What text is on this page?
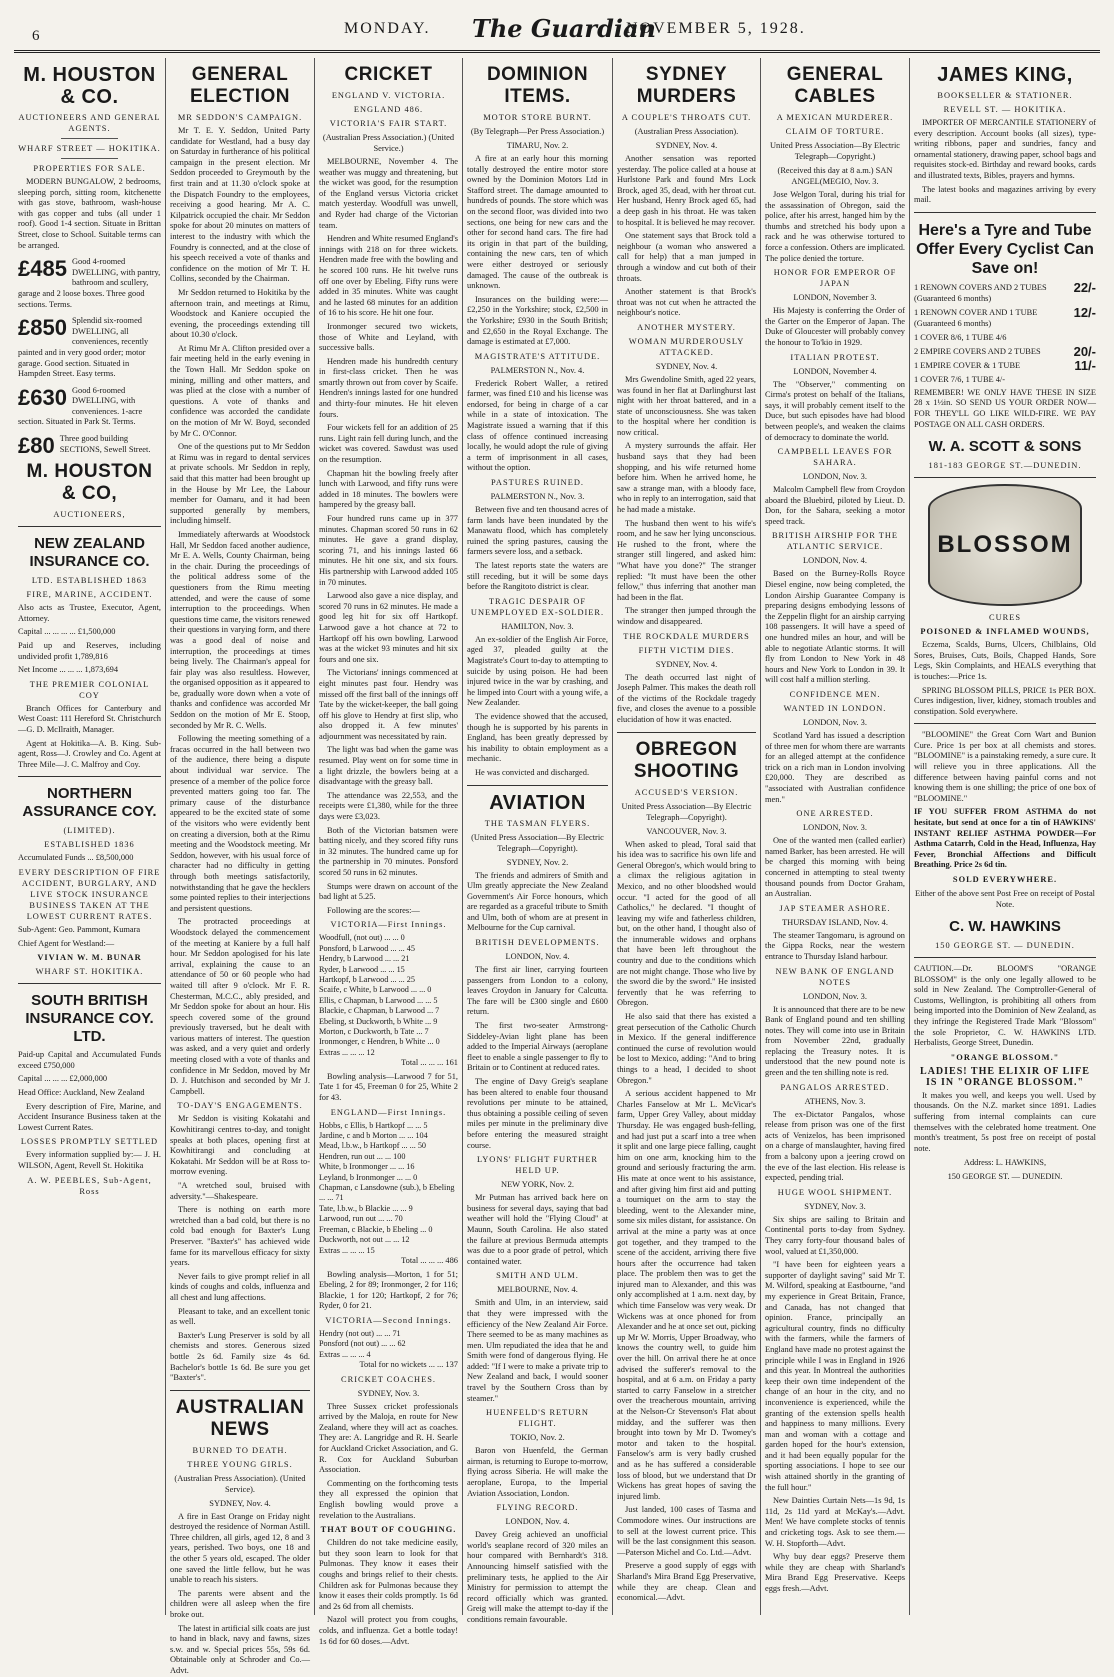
6	MONDAY. The Guardian
NOVEMBER 5, 1928.
M. HOUSTON & CO.
AUCTIONEERS AND GENERAL AGENTS.
WHARF STREET — HOKITIKA.
PROPERTIES FOR SALE.

MODERN BUNGALOW, 2 bedrooms, sleeping porch, sitting room, kitchenette with gas stove, bathroom, wash-house with gas copper and tubs (all under 1 roof). Good 1-4 section. Situate in Brittan Street, close to School. Suitable terms can be arranged.

£485 Good 4-roomed DWELLING, with pantry, bathroom and scullery, garage and 2 loose boxes. Three good sections. Terms.
£850 Splendid six-roomed DWELLING, all conveniences, recently painted and in very good order; motor garage. Good section. Situated in Hampden Street. Easy terms.
£630 Good 6-roomed DWELLING, with conveniences. 1-acre section. Situated in Park St. Terms.
£80 Three good building SECTIONS, Sewell Street.
M. HOUSTON & CO,
AUCTIONEERS,
NEW ZEALAND INSURANCE CO.
LTD. ESTABLISHED 1863
FIRE, MARINE, ACCIDENT.

Also acts as Trustee, Executor, Agent, Attorney.

Capital ... ... ... ... £1,500,000

Paid up and Reserves, including undivided profit 1,789,816

Net Income ... ... ... 1,873,694

THE PREMIER COLONIAL COY

Branch Offices for Canterbury and West Coast: 111 Hereford St. Christchurch—G. D. McIlraith, Manager.

Agent at Hokitika—A. B. King. Sub-agent, Ross—J. Crowley and Co. Agent at Three Mile—J. C. Malfroy and Coy.

NORTHERN ASSURANCE COY.
(LIMITED).
ESTABLISHED 1836

Accumulated Funds ... £8,500,000

EVERY DESCRIPTION OF FIRE ACCIDENT, BURGLARY, AND LIVE STOCK INSURANCE BUSINESS TAKEN AT THE LOWEST CURRENT RATES.

Sub-Agent: Geo. Pammont, Kumara

Chief Agent for Westland:—

VIVIAN W. M. BUNAR
WHARF ST. HOKITIKA.
SOUTH BRITISH INSURANCE COY. LTD.

Paid-up Capital and Accumulated Funds exceed £750,000

Capital ... ... ... £2,000,000

Head Office: Auckland, New Zealand

Every description of Fire, Marine, and Accident Insurance Business taken at the Lowest Current Rates.

LOSSES PROMPTLY SETTLED

Every information supplied by:— J. H. WILSON, Agent, Revell St. Hokitika

A. W. PEEBLES, Sub-Agent, Ross
GENERAL ELECTION
MR SEDDON'S CAMPAIGN.

Mr T. E. Y. Seddon, United Party candidate for Westland, had a busy day on Saturday in furtherance of his political campaign in the present election. Mr Seddon proceeded to Greymouth by the first train and at 11.30 o'clock spoke at the Dispatch Foundry to the employees, receiving a good hearing. Mr A. C. Kilpatrick occupied the chair. Mr Seddon spoke for about 20 minutes on matters of interest to the industry with which the Foundry is connected, and at the close of his speech received a vote of thanks and confidence on the motion of Mr T. H. Collins, seconded by the Chairman.

Mr Seddon returned to Hokitika by the afternoon train, and meetings at Rimu, Woodstock and Kaniere occupied the evening, the proceedings extending till about 10.30 o'clock.

At Rimu Mr A. Clifton presided over a fair meeting held in the early evening in the Town Hall. Mr Seddon spoke on mining, milling and other matters, and was plied at the close with a number of questions. A vote of thanks and confidence was accorded the candidate on the motion of Mr W. Boyd, seconded by Mr C. O'Connor.

One of the questions put to Mr Seddon at Rimu was in regard to dental services at private schools. Mr Seddon in reply, said that this matter had been brought up in the House by Mr Lee, the Labour member for Oamaru, and it had been supported generally by members, including himself.

Immediately afterwards at Woodstock Hall, Mr Seddon faced another audience, Mr E. A. Wells, County Chairman, being in the chair. During the proceedings of the political address some of the questioners from the Rimu meeting attended, and were the cause of some interruption to the proceedings. When questions time came, the visitors renewed their questions in varying form, and there was a good deal of noise and interruption, the proceedings at times being lively. The Chairman's appeal for fair play was also resultless. However, the organised opposition as it appeared to be, gradually wore down when a vote of thanks and confidence was accorded Mr Seddon on the motion of Mr E. Stoop, seconded by Mr R. C. Wells.

Following the meeting something of a fracas occurred in the hall between two of the audience, there being a dispute about individual war service. The presence of a member of the police force prevented matters going too far. The primary cause of the disturbance appeared to be the excited state of some of the visitors who were evidently bent on creating a diversion, both at the Rimu meeting and the Woodstock meeting. Mr Seddon, however, with his usual force of character had no difficulty in getting through both meetings satisfactorily, notwithstanding that he gave the hecklers some pointed replies to their interjections and persistent questions.

The protracted proceedings at Woodstock delayed the commencement of the meeting at Kaniere by a full half hour. Mr Seddon apologised for his late arrival, explaining the cause to an attendance of 50 or 60 people who had waited till after 9 o'clock. Mr F. R. Chesterman, M.C.C., ably presided, and Mr Seddon spoke for about an hour. His speech covered some of the ground previously traversed, but he dealt with various matters of interest. The question was asked, and a very quiet and orderly meeting closed with a vote of thanks and confidence in Mr Seddon, moved by Mr D. J. Hutchison and seconded by Mr J. Campbell.

TO-DAY'S ENGAGEMENTS.

Mr Seddon is visiting Kokatahi and Kowhitirangi centres to-day, and tonight speaks at both places, opening first at Kowhitirangi and concluding at Kokatahi. Mr Seddon will be at Ross to-morrow evening.

"A wretched soul, bruised with adversity."—Shakespeare.

There is nothing on earth more wretched than a bad cold, but there is no cold bad enough for Baxter's Lung Preserver. "Baxter's" has achieved wide fame for its marvellous efficacy for sixty years.

Never fails to give prompt relief in all kinds of coughs and colds, influenza and all chest and lung affections.

Pleasant to take, and an excellent tonic as well.

Baxter's Lung Preserver is sold by all chemists and stores. Generous sized bottle 2s 6d. Family size 4s 6d. Bachelor's bottle 1s 6d. Be sure you get "Baxter's".

AUSTRALIAN NEWS
BURNED TO DEATH.
THREE YOUNG GIRLS.
(Australian Press Association). (United Service).
SYDNEY, Nov. 4.

A fire in East Orange on Friday night destroyed the residence of Norman Astill. Three children, all girls, aged 12, 8 and 3 years, perished. Two boys, one 18 and the other 5 years old, escaped. The older one saved the little fellow, but he was unable to reach his sisters.

The parents were absent and the children were all asleep when the fire broke out.

The latest in artificial silk coats are just to hand in black, navy and fawns, sizes s.w. and w. Special prices 55s, 59s 6d. Obtainable only at Schroder and Co.—Advt.

CRICKET
ENGLAND V. VICTORIA.
ENGLAND 486.
VICTORIA'S FAIR START.
(Australian Press Association.) (United Service.)

MELBOURNE, November 4. The weather was muggy and threatening, but the wicket was good, for the resumption of the England versus Victoria cricket match yesterday. Woodfull was unwell, and Ryder had charge of the Victorian team.

Hendren and White resumed England's innings with 218 on for three wickets. Hendren made free with the bowling and he scored 100 runs. He hit twelve runs off one over by Ebeling. Fifty runs were added in 35 minutes. White was caught and he lasted 68 minutes for an addition of 16 to his score. He hit one four.

Ironmonger secured two wickets, those of White and Leyland, with successive balls.

Hendren made his hundredth century in first-class cricket. Then he was smartly thrown out from cover by Scaife. Hendren's innings lasted for one hundred and thirty-four minutes. He hit eleven fours.

Four wickets fell for an addition of 25 runs. Light rain fell during lunch, and the wicket was covered. Sawdust was used on the resumption.

Chapman hit the bowling freely after lunch with Larwood, and fifty runs were added in 18 minutes. The bowlers were hampered by the greasy ball.

Four hundred runs came up in 377 minutes. Chapman scored 50 runs in 62 minutes. He gave a grand display, scoring 71, and his innings lasted 66 minutes. He hit one six, and six fours. His partnership with Larwood added 105 in 70 minutes.

Larwood also gave a nice display, and scored 70 runs in 62 minutes. He made a good leg hit for six off Hartkopf. Larwood gave a hot chance at 72 to Hartkopf off his own bowling. Larwood was at the wicket 93 minutes and hit six fours and one six.

The Victorians' innings commenced at eight minutes past four. Hendry was missed off the first ball of the innings off Tate by the wicket-keeper, the ball going off his glove to Hendry at first slip, who also dropped it. A few minutes' adjournment was necessitated by rain.

The light was bad when the game was resumed. Play went on for some time in a light drizzle, the bowlers being at a disadvantage with the greasy ball.

The attendance was 22,553, and the receipts were £1,380, while for the three days were £3,023.

Both of the Victorian batsmen were batting nicely, and they scored fifty runs in 32 minutes. The hundred came up for the partnership in 70 minutes. Ponsford scored 50 runs in 62 minutes.

Stumps were drawn on account of the bad light at 5.25.

Following are the scores:—

VICTORIA—First Innings.
Woodfull, (not out) ... ... 0
Ponsford, b Larwood ... ... 45
Hendry, b Larwood ... ... 21
Ryder, b Larwood ... ... 15
Hartkopf, b Larwood ... ... 25
Scaife, c White, b Larwood ... ... 0
Ellis, c Chapman, b Larwood ... ... 5
Blackie, c Chapman, b Larwood ... 7
Ebeling, st Duckworth, b White ... 9
Morton, c Duckworth, b Tate ... 7
Ironmonger, c Hendren, b White ... 0
Extras ... ... ... 12

Total ... ... ... 161

Bowling analysis—Larwood 7 for 51, Tate 1 for 45, Freeman 0 for 25, White 2 for 43.

ENGLAND—First Innings.
Hobbs, c Ellis, b Hartkopf ... ... 5
Jardine, c and b Morton ... ... 104
Mead, l.b.w., b Hartkopf ... ... 50
Hendren, run out ... ... 100
White, b Ironmonger ... ... 16
Leyland, b Ironmonger ... ... 0
Chapman, c Lansdowne (sub.), b Ebeling ... ... 71
Tate, l.b.w., b Blackie ... ... 9
Larwood, run out ... ... 70
Freeman, c Blackie, b Ebeling ... 0
Duckworth, not out ... ... 12
Extras ... ... ... 15

Total ... ... ... 486

Bowling analysis—Morton, 1 for 51; Ebeling, 2 for 89; Ironmonger, 2 for 116; Blackie, 1 for 120; Hartkopf, 2 for 76; Ryder, 0 for 21.

VICTORIA—Second Innings.
Hendry (not out) ... ... 71
Ponsford (not out) ... ... 62
Extras ... ... ... 4

Total for no wickets ... ... 137

CRICKET COACHES.
SYDNEY, Nov. 3.

Three Sussex cricket professionals arrived by the Maloja, en route for New Zealand, where they will act as coaches. They are: A. Langridge and R. H. Searle for Auckland Cricket Association, and G. R. Cox for Auckland Suburban Association.

Commenting on the forthcoming tests they all expressed the opinion that English bowling would prove a revelation to the Australians.

THAT BOUT OF COUGHING.

Children do not take medicine easily, but they soon learn to look for that Pulmonas. They know it eases their coughs and brings relief to their chests. Children ask for Pulmonas because they know it eases their colds promptly. 1s 6d and 2s 6d from all chemists.

Nazol will protect you from coughs, colds, and influenza. Get a bottle today! 1s 6d for 60 doses.—Advt.

DOMINION ITEMS.
MOTOR STORE BURNT.
(By Telegraph—Per Press Association.)
TIMARU, Nov. 2.

A fire at an early hour this morning totally destroyed the entire motor store owned by the Dominion Motors Ltd in Stafford street. The damage amounted to hundreds of pounds. The store which was on the second floor, was divided into two sections, one being for new cars and the other for second hand cars. The fire had its origin in that part of the building, containing the new cars, ten of which were either destroyed or seriously damaged. The cause of the outbreak is unknown.

Insurances on the building were:—£2,250 in the Yorkshire; stock, £2,500 in the Yorkshire; £930 in the South British; and £2,650 in the Royal Exchange. The damage is estimated at £7,000.

MAGISTRATE'S ATTITUDE.
PALMERSTON N., Nov. 4.

Frederick Robert Waller, a retired farmer, was fined £10 and his license was endorsed, for being in charge of a car while in a state of intoxication. The Magistrate issued a warning that if this class of offence continued increasing locally, he would adopt the rule of giving a term of imprisonment in all cases, without the option.

PASTURES RUINED.
PALMERSTON N., Nov. 3.

Between five and ten thousand acres of farm lands have been inundated by the Manawatu flood, which has completely ruined the spring pastures, causing the farmers severe loss, and a setback.

The latest reports state the waters are still receding, but it will be some days before the Rangitoto district is clear.

TRAGIC DESPAIR OF UNEMPLOYED EX-SOLDIER.
HAMILTON, Nov. 3.

An ex-soldier of the English Air Force, aged 37, pleaded guilty at the Magistrate's Court to-day to attempting to suicide by using poison. He had been injured twice in the war by crashing, and he limped into Court with a young wife, a New Zealander.

The evidence showed that the accused, though he is supported by his parents in England, has been greatly depressed by his inability to obtain employment as a mechanic.

He was convicted and discharged.

AVIATION
THE TASMAN FLYERS.
(United Press Association—By Electric Telegraph—Copyright).
SYDNEY, Nov. 2.

The friends and admirers of Smith and Ulm greatly appreciate the New Zealand Government's Air Force honours, which are regarded as a graceful tribute to Smith and Ulm, both of whom are at present in Melbourne for the Cup carnival.

BRITISH DEVELOPMENTS.
LONDON, Nov. 4.

The first air liner, carrying fourteen passengers from London to a colony, leaves Croydon in January for Calcutta. The fare will be £300 single and £600 return.

The first two-seater Armstrong-Siddeley-Avian light plane has been added to the Imperial Airways (aeroplane fleet to enable a single passenger to fly to Britain or to Continent at reduced rates.

The engine of Davy Greig's seaplane has been altered to enable four thousand revolutions per minute to be attained, thus obtaining a possible ceiling of seven miles per minute in the preliminary dive before entering the measured straight course.

LYONS' FLIGHT FURTHER HELD UP.
NEW YORK, Nov. 2.

Mr Putman has arrived back here on business for several days, saying that bad weather will hold the "Flying Cloud" at Maunn, South Carolina. He also stated the failure at previous Bermuda attempts was due to a poor grade of petrol, which contained water.

SMITH AND ULM.
MELBOURNE, Nov. 4.

Smith and Ulm, in an interview, said that they were impressed with the efficiency of the New Zealand Air Force. There seemed to be as many machines as men. Ulm repudiated the idea that he and Smith were fond of dangerous flying. He added: "If I were to make a private trip to New Zealand and back, I would sooner travel by the Southern Cross than by steamer."

HUENFELD'S RETURN FLIGHT.
TOKIO, Nov. 2.

Baron von Huenfeld, the German airman, is returning to Europe to-morrow, flying across Siberia. He will make the aeroplane, Europa, to the Imperial Aviation Association, London.

FLYING RECORD.
LONDON, Nov. 4.

Davey Greig achieved an unofficial world's seaplane record of 320 miles an hour compared with Bernhardt's 318. Announcing himself satisfied with the preliminary tests, he applied to the Air Ministry for permission to attempt the record officially which was granted. Greig will make the attempt to-day if the conditions remain favourable.

SYDNEY MURDERS
A COUPLE'S THROATS CUT.
(Australian Press Association).
SYDNEY, Nov. 4.

Another sensation was reported yesterday. The police called at a house at Hurlstone Park and found Mrs Lock Brock, aged 35, dead, with her throat cut. Her husband, Henry Brock aged 65, had a deep gash in his throat. He was taken to hospital. It is believed he may recover.

One statement says that Brock told a neighbour (a woman who answered a call for help) that a man jumped in through a window and cut both of their throats.

Another statement is that Brock's throat was not cut when he attracted the neighbour's notice.

ANOTHER MYSTERY.
WOMAN MURDEROUSLY ATTACKED.
SYDNEY, Nov. 4.

Mrs Gwendoline Smith, aged 22 years, was found in her flat at Darlinghurst last night with her throat battered, and in a state of unconsciousness. She was taken to the hospital where her condition is now critical.

A mystery surrounds the affair. Her husband says that they had been shopping, and his wife returned home before him. When he arrived home, he saw a strange man, with a bloody face, who in reply to an interrogation, said that he had made a mistake.

The husband then went to his wife's room, and he saw her lying unconscious. He rushed to the front, where the stranger still lingered, and asked him: "What have you done?" The stranger replied: "It must have been the other fellow," thus inferring that another man had been in the flat.

The stranger then jumped through the window and disappeared.

THE ROCKDALE MURDERS
FIFTH VICTIM DIES.
SYDNEY, Nov. 4.

The death occurred last night of Joseph Palmer. This makes the death roll of the victims of the Rockdale tragedy five, and closes the avenue to a possible elucidation of how it was enacted.

OBREGON SHOOTING
ACCUSED'S VERSION.
United Press Association—By Electric Telegraph—Copyright).
VANCOUVER, Nov. 3.

When asked to plead, Toral said that his idea was to sacrifice his own life and General Obregon's, which would bring to a climax the religious agitation in Mexico, and no other bloodshed would occur. "I acted for the good of all Catholics," he declared. "I thought of leaving my wife and fatherless children, but, on the other hand, I thought also of the innumerable widows and orphans that have been left throughout the country and due to the conditions which are not might change. Those who live by the sword die by the sword." He insisted fervently that he was referring to Obregon.

He also said that there has existed a great persecution of the Catholic Church in Mexico. If the general indifference continued the curse of revolution would be lost to Mexico, adding: "And to bring things to a head, I decided to shoot Obregon."

A serious accident happened to Mr Charles Fanselow at Mr L. McVicar's farm, Upper Grey Valley, about midday Thursday. He was engaged bush-felling, and had just put a scarf into a tree when it split and one large piece falling, caught him on one arm, knocking him to the ground and seriously fracturing the arm. His mate at once went to his assistance, and after giving him first aid and putting a tourniquet on the arm to stay the bleeding, went to the Alexander mine, some six miles distant, for assistance. On arrival at the mine a party was at once got together, and they tramped to the scene of the accident, arriving there five hours after the occurrence had taken place. The problem then was to get the injured man to Alexander, and this was only accomplished at 1 a.m. next day, by which time Fanselow was very weak. Dr Wickens was at once phoned for from Alexander and he at once set out, picking up Mr W. Morris, Upper Broadway, who knows the country well, to guide him over the hill. On arrival there he at once advised the sufferer's removal to the hospital, and at 6 a.m. on Friday a party started to carry Fanselow in a stretcher over the treacherous mountain, arriving at the Nelson-Cr Stevenson's Flat about midday, and the sufferer was then brought into town by Mr D. Twomey's motor and taken to the hospital. Fanselow's arm is very badly crushed and as he has suffered a considerable loss of blood, but we understand that Dr Wickens has great hopes of saving the injured limb.

Just landed, 100 cases of Tasma and Commodore wines. Our instructions are to sell at the lowest current price. This will be the last consignment this season.—Paterson Michel and Co. Ltd.—Advt.

Preserve a good supply of eggs with Sharland's Mira Brand Egg Preservative, while they are cheap. Clean and economical.—Advt.

GENERAL CABLES
A MEXICAN MURDERER.
CLAIM OF TORTURE.
United Press Association—By Electric Telegraph—Copyright.)
(Received this day at 8 a.m.) SAN ANGEL(MEGIO, Nov. 3.

Jose Welgon Toral, during his trial for the assassination of Obregon, said the police, after his arrest, hanged him by the thumbs and stretched his body upon a rack and he was otherwise tortured to force a confession. Others are implicated. The police denied the torture.

HONOR FOR EMPEROR OF JAPAN
LONDON, November 3.

His Majesty is conferring the Order of the Garter on the Emperor of Japan. The Duke of Gloucester will probably convey the honour to To'kio in 1929.

ITALIAN PROTEST.
LONDON, November 4.

The "Observer," commenting on Cirma's protest on behalf of the Italians, says, it will probably cement itself to the Duce, but such episodes have had blood between people's, and weaken the claims of democracy to dominate the world.

CAMPBELL LEAVES FOR SAHARA.
LONDON, Nov. 3.

Malcolm Campbell flew from Croydon aboard the Bluebird, piloted by Lieut. D. Don, for the Sahara, seeking a motor speed track.

BRITISH AIRSHIP FOR THE ATLANTIC SERVICE.
LONDON, Nov. 4.

Based on the Burney-Rolls Royce Diesel engine, now being completed, the London Airship Guarantee Company is preparing designs embodying lessons of the Zeppelin flight for an airship carrying 108 passengers. It will have a speed of one hundred miles an hour, and will be able to negotiate Atlantic storms. It will fly from London to New York in 48 hours and New York to London in 39. It will cost half a million sterling.

CONFIDENCE MEN.
WANTED IN LONDON.
LONDON, Nov. 3.

Scotland Yard has issued a description of three men for whom there are warrants for an alleged attempt at the confidence trick on a rich man in London involving £20,000. They are described as "associated with Australian confidence men."

ONE ARRESTED.
LONDON, Nov. 3.

One of the wanted men (called earlier) named Barker, has been arrested. He will be charged this morning with being concerned in attempting to steal twenty thousand pounds from Doctor Graham, an Australian.

JAP STEAMER ASHORE.
THURSDAY ISLAND, Nov. 4.

The steamer Tangomaru, is aground on the Gippa Rocks, near the western entrance to Thursday Island harbour.

NEW BANK OF ENGLAND NOTES
LONDON, Nov. 3.

It is announced that there are to be new Bank of England pound and ten shilling notes. They will come into use in Britain from November 22nd, gradually replacing the Treasury notes. It is understood that the new pound note is green and the ten shilling note is red.

PANGALOS ARRESTED.
ATHENS, Nov. 3.

The ex-Dictator Pangalos, whose release from prison was one of the first acts of Venizelos, has been imprisoned on a charge of manslaughter, having fired from a balcony upon a jeering crowd on the eve of the last election. His release is expected, pending trial.

HUGE WOOL SHIPMENT.
SYDNEY, Nov. 3.

Six ships are sailing to Britain and Continental ports to-day from Sydney. They carry forty-four thousand bales of wool, valued at £1,350,000.

"I have been for eighteen years a supporter of daylight saving" said Mr T. M. Wilford, speaking at Eastbourne, "and my experience in Great Britain, France, and Canada, has not changed that opinion. France, principally an agricultural country, finds no difficulty with the farmers, while the farmers of England have made no protest against the principle while I was in England in 1926 and this year. In Montreal the authorities keep their own time independent of the change of an hour in the city, and no inconvenience is experienced, while the granting of the extension spells health and happiness to many millions. Every man and woman with a cottage and garden hoped for the hour's extension, and it had been equally popular for the sporting associations. I hope to see our wish attained shortly in the granting of the full hour."

New Dainties Curtain Nets—1s 9d, 1s 11d, 2s 11d yard at McKay's.—Advt. Men! We have complete stocks of tennis and cricketing togs. Ask to see them.—W. H. Stopforth—Advt.

Why buy dear eggs? Preserve them while they are cheap with Sharland's Mira Brand Egg Preservative. Keeps eggs fresh.—Advt.

JAMES KING,
BOOKSELLER & STATIONER.
REVELL ST. — HOKITIKA.

IMPORTER OF MERCANTILE STATIONERY of every description. Account books (all sizes), type-writing ribbons, paper and sundries, fancy and ornamental stationery, drawing paper, school bags and requisites stock-ed. Birthday and reward books, cards and illustrated texts, Bibles, prayers and hymns.

The latest books and magazines arriving by every mail.

Here's a Tyre and Tube Offer Every Cyclist Can Save on!
1 RENOWN COVERS AND 2 TUBES (Guaranteed 6 months)
22/-
1 RENOWN COVER AND 1 TUBE (Guaranteed 6 months)
12/-
1 COVER 8/6, 1 TUBE 4/6
2 EMPIRE COVERS AND 2 TUBES	20/-
1 EMPIRE COVER & 1 TUBE	11/-
1 COVER 7/6, 1 TUBE 4/-

REMEMBER! WE ONLY HAVE THESE IN SIZE 28 x 1½in. SO SEND US YOUR ORDER NOW—FOR THEY'LL GO LIKE WILD-FIRE. WE PAY POSTAGE ON ALL CASH ORDERS.

W. A. SCOTT & SONS
181-183 GEORGE ST.—DUNEDIN.
BLOSSOM
CURES
POISONED & INFLAMED WOUNDS,

Eczema, Scalds, Burns, Ulcers, Chilblains, Old Sores, Bruises, Cuts, Boils, Chapped Hands, Sore Legs, Skin Complaints, and HEALS everything that is touches:—Price 1s.

SPRING BLOSSOM PILLS, PRICE 1s PER BOX. Cures indigestion, liver, kidney, stomach troubles and constipation. Sold everywhere.

"BLOOMINE" the Great Corn Wart and Bunion Cure. Price 1s per box at all chemists and stores. "BLOOMINE" is a painstaking remedy, a sure cure. It will relieve you in three applications. All the difference between having painful corns and not knowing them is one shilling; the price of one box of "BLOOMINE."

IF YOU SUFFER FROM ASTHMA do not hesitate, but send at once for a tin of HAWKINS' INSTANT RELIEF ASTHMA POWDER—For Asthma Catarrh, Cold in the Head, Influenza, Hay Fever, Bronchial Affections and Difficult Breathing. Price 2s 6d tin.

SOLD EVERYWHERE.
Either of the above sent Post Free on receipt of Postal Note.
C. W. HAWKINS
150 GEORGE ST. — DUNEDIN.

CAUTION.—Dr. BLOOM'S "ORANGE BLOSSOM" is the only one legally allowed to be sold in New Zealand. The Comptroller-General of Customs, Wellington, is prohibiting all others from being imported into the Dominion of New Zealand, as they infringe the Registered Trade Mark "Blossom" the sole Proprietor, C. W. HAWKINS LTD. Herbalists, George Street, Dunedin.

"ORANGE BLOSSOM."
LADIES! THE ELIXIR OF LIFE IS IN "ORANGE BLOSSOM."

It makes you well, and keeps you well. Used by thousands. On the N.Z. market since 1891. Ladies suffering from internal complaints can cure themselves with the celebrated home treatment. One month's treatment, 5s post free on receipt of postal note.

Address: L. HAWKINS,
150 GEORGE ST. — DUNEDIN.
